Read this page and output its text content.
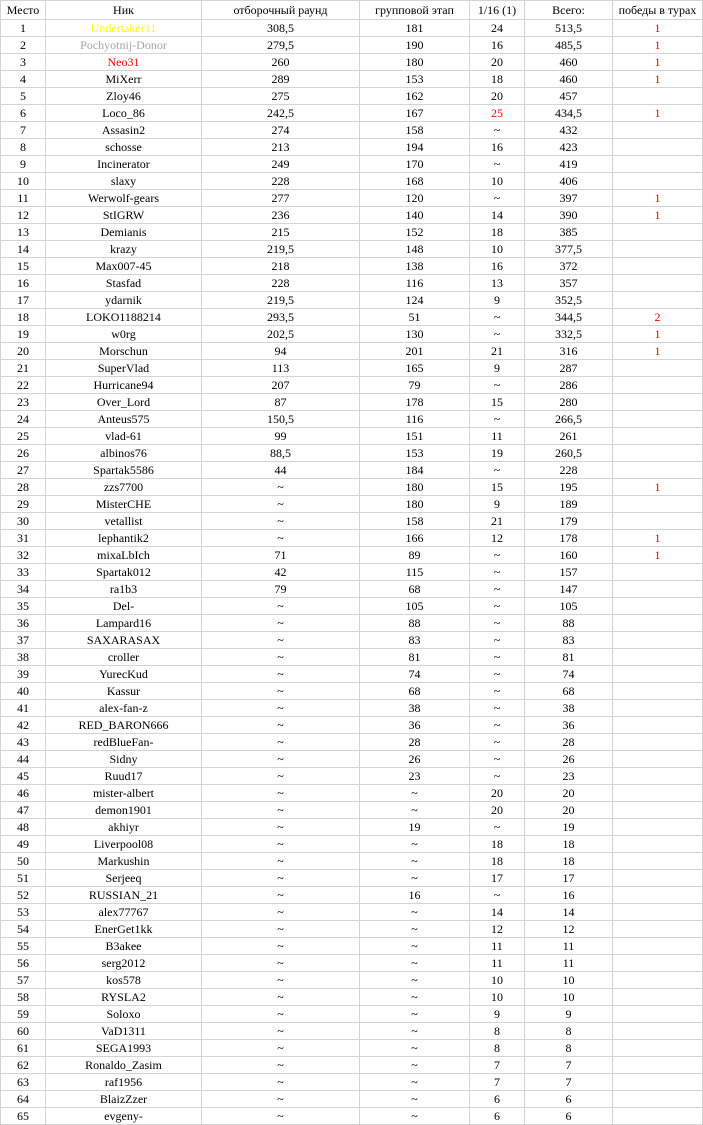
Место	Ник	отборочный раунд	групповой этап	1/16 (1)	Всего:	победы в турах
1	Undertaker11	308,5	181	24	513,5	1
2	Pochyotnij-Donor	279,5	190	16	485,5	1
3	Neo31	260	180	20	460	1
4	MiXerr	289	153	18	460	1
5	Zloy46	275	162	20	457	
6	Loco_86	242,5	167	25	434,5	1
7	Assasin2	274	158	~	432	
8	schosse	213	194	16	423	
9	Incinerator	249	170	~	419	
10	slaxy	228	168	10	406	
11	Werwolf-gears	277	120	~	397	1
12	StIGRW	236	140	14	390	1
13	Demianis	215	152	18	385	
14	krazy	219,5	148	10	377,5	
15	Max007-45	218	138	16	372	
16	Stasfad	228	116	13	357	
17	ydarnik	219,5	124	9	352,5	
18	LOKO1188214	293,5	51	~	344,5	2
19	w0rg	202,5	130	~	332,5	1
20	Morschun	94	201	21	316	1
21	SuperVlad	113	165	9	287	
22	Hurricane94	207	79	~	286	
23	Over_Lord	87	178	15	280	
24	Anteus575	150,5	116	~	266,5	
25	vlad-61	99	151	11	261	
26	albinos76	88,5	153	19	260,5	
27	Spartak5586	44	184	~	228	
28	zzs7700	~	180	15	195	1
29	MisterCHE	~	180	9	189	
30	vetallist	~	158	21	179	
31	lephantik2	~	166	12	178	1
32	mixaLbIch	71	89	~	160	1
33	Spartak012	42	115	~	157	
34	ra1b3	79	68	~	147	
35	Del-	~	105	~	105	
36	Lampard16	~	88	~	88	
37	SAXARASAX	~	83	~	83	
38	croller	~	81	~	81	
39	YurecKud	~	74	~	74	
40	Kassur	~	68	~	68	
41	alex-fan-z	~	38	~	38	
42	RED_BARON666	~	36	~	36	
43	redBlueFan-	~	28	~	28	
44	Sidny	~	26	~	26	
45	Ruud17	~	23	~	23	
46	mister-albert	~	~	20	20	
47	demon1901	~	~	20	20	
48	akhiyr	~	19	~	19	
49	Liverpool08	~	~	18	18	
50	Markushin	~	~	18	18	
51	Serjeeq	~	~	17	17	
52	RUSSIAN_21	~	16	~	16	
53	alex77767	~	~	14	14	
54	EnerGet1kk	~	~	12	12	
55	B3akee	~	~	11	11	
56	serg2012	~	~	11	11	
57	kos578	~	~	10	10	
58	RYSLA2	~	~	10	10	
59	Soloxo	~	~	9	9	
60	VaD1311	~	~	8	8	
61	SEGA1993	~	~	8	8	
62	Ronaldo_Zasim	~	~	7	7	
63	raf1956	~	~	7	7	
64	BlaizZzer	~	~	6	6	
65	evgeny-	~	~	6	6	
